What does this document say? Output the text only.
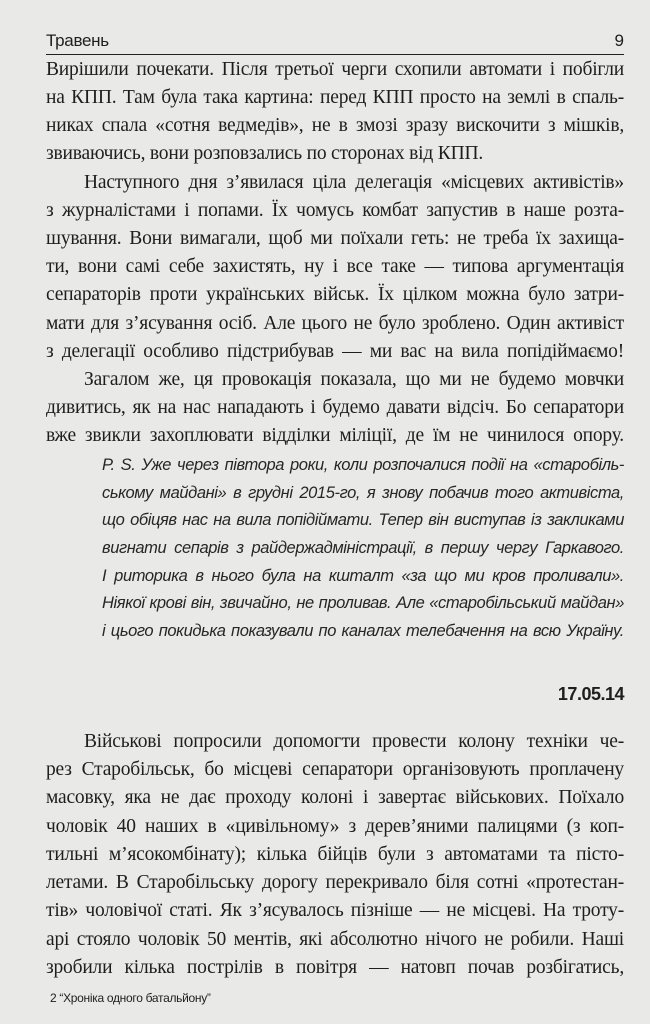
Травень	9
Вирішили почекати. Після третьої черги схопили автомати і побігли
на КПП. Там була така картина: перед КПП просто на землі в спаль-
никах спала «сотня ведмедів», не в змозі зразу вискочити з мішків,
звиваючись, вони розповзались по сторонах від КПП.
Наступного дня з’явилася ціла делегація «місцевих активістів»
з журналістами і попами. Їх чомусь комбат запустив в наше розта-
шування. Вони вимагали, щоб ми поїхали геть: не треба їх захища-
ти, вони самі себе захистять, ну і все таке — типова аргументація
сепараторів проти українських військ. Їх цілком можна було затри-
мати для з’ясування осіб. Але цього не було зроблено. Один активіст
з делегації особливо підстрибував — ми вас на вила попідіймаємо!
Загалом же, ця провокація показала, що ми не будемо мовчки
дивитись, як на нас нападають і будемо давати відсіч. Бо сепаратори
вже звикли захоплювати відділки міліції, де їм не чинилося опору.
P. S. Уже через півтора роки, коли розпочалися події на «старобіль-
ському майдані» в грудні 2015-го, я знову побачив того активіста,
що обіцяв нас на вила попідіймати. Тепер він виступав із закликами
вигнати сепарів з райдержадміністрації, в першу чергу Гаркавого.
І риторика в нього була на кшталт «за що ми кров проливали».
Ніякої крові він, звичайно, не проливав. Але «старобільський майдан»
і цього покидька показували по каналах телебачення на всю Україну.
17.05.14
Військові попросили допомогти провести колону техніки че-
рез Старобільськ, бо місцеві сепаратори організовують проплачену
масовку, яка не дає проходу колоні і завертає військових. Поїхало
чоловік 40 наших в «цивільному» з дерев’яними палицями (з коп-
тильні м’ясокомбінату); кілька бійців були з автоматами та пісто-
летами. В Старобільську дорогу перекривало біля сотні «протестан-
тів» чоловічої статі. Як з’ясувалось пізніше — не місцеві. На троту-
арі стояло чоловік 50 ментів, які абсолютно нічого не робили. Наші
зробили кілька пострілів в повітря — натовп почав розбігатись,
2 “Хроніка одного батальйону”
